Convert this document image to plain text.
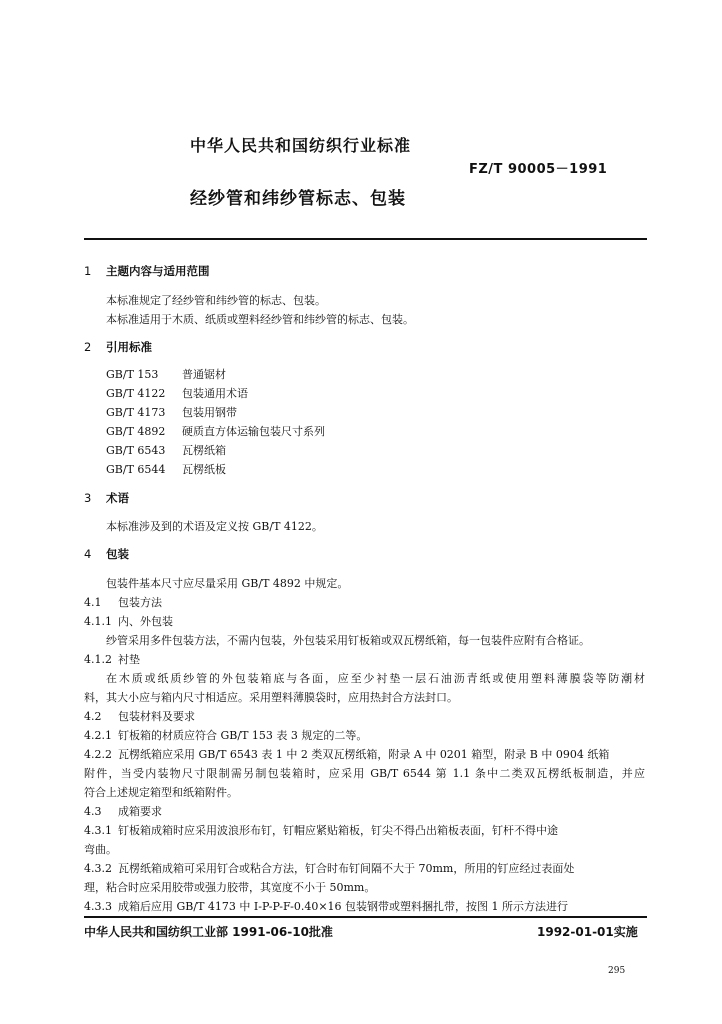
中华人民共和国纺织行业标准
FZ/T 90005－1991
经纱管和纬纱管标志、包装
1 主题内容与适用范围
本标准规定了经纱管和纬纱管的标志、包装。
本标准适用于木质、纸质或塑料经纱管和纬纱管的标志、包装。
2 引用标准
GB/T 153 普通锯材
GB/T 4122 包装通用术语
GB/T 4173 包装用钢带
GB/T 4892 硬质直方体运输包装尺寸系列
GB/T 6543 瓦楞纸箱
GB/T 6544 瓦楞纸板
3 术语
本标准涉及到的术语及定义按 GB/T 4122。
4 包装
包装件基本尺寸应尽量采用 GB/T 4892 中规定。
4.1 包装方法
4.1.1 内、外包装
纱管采用多件包装方法，不需内包装，外包装采用钉板箱或双瓦楞纸箱，每一包装件应附有合格证。
4.1.2 衬垫
在木质或纸质纱管的外包装箱底与各面，应至少衬垫一层石油沥青纸或使用塑料薄膜袋等防潮材
料，其大小应与箱内尺寸相适应。采用塑料薄膜袋时，应用热封合方法封口。
4.2 包装材料及要求
4.2.1 钉板箱的材质应符合 GB/T 153 表 3 规定的二等。
4.2.2 瓦楞纸箱应采用 GB/T 6543 表 1 中 2 类双瓦楞纸箱，附录 A 中 0201 箱型，附录 B 中 0904 纸箱
附件，当受内装物尺寸限制需另制包装箱时，应采用 GB/T 6544 第 1.1 条中二类双瓦楞纸板制造，并应
符合上述规定箱型和纸箱附件。
4.3 成箱要求
4.3.1 钉板箱成箱时应采用波浪形布钉，钉帽应紧贴箱板，钉尖不得凸出箱板表面，钉杆不得中途
弯曲。
4.3.2 瓦楞纸箱成箱可采用钉合或粘合方法，钉合时布钉间隔不大于 70mm，所用的钉应经过表面处
理，粘合时应采用胶带或强力胶带，其宽度不小于 50mm。
4.3.3 成箱后应用 GB/T 4173 中 I-P-P-F-0.40×16 包装钢带或塑料捆扎带，按图 1 所示方法进行
中华人民共和国纺织工业部 1991-06-10批准	1992-01-01实施
295
